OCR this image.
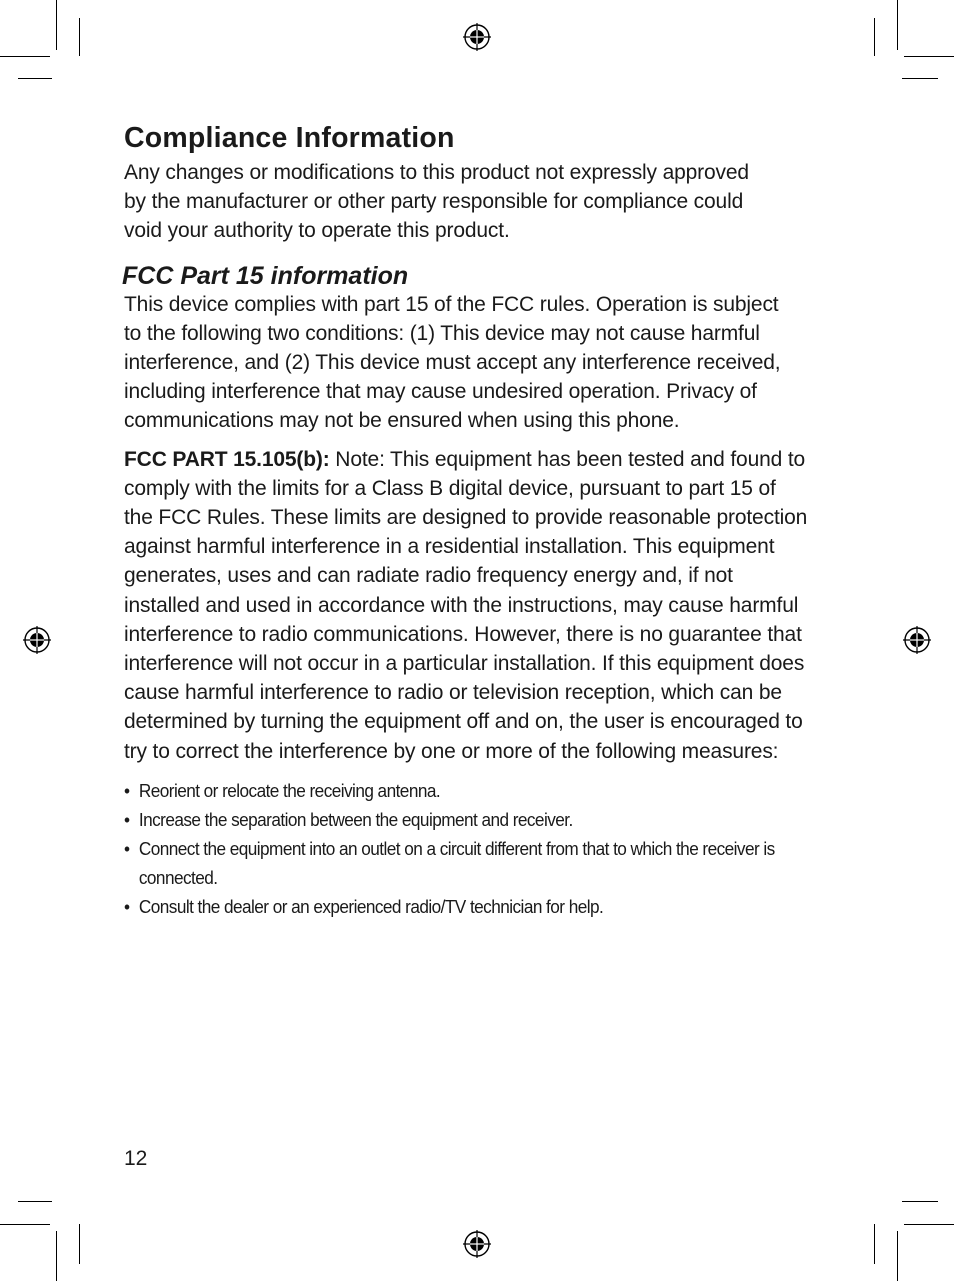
Compliance Information

Any changes or modifications to this product not expressly approved by the manufacturer or other party responsible for compliance could void your authority to operate this product.

FCC Part 15 information

This device complies with part 15 of the FCC rules. Operation is subject to the following two conditions: (1) This device may not cause harmful interference, and (2) This device must accept any interference received, including interference that may cause undesired operation. Privacy of communications may not be ensured when using this phone.

FCC PART 15.105(b): Note: This equipment has been tested and found to comply with the limits for a Class B digital device, pursuant to part 15 of the FCC Rules. These limits are designed to provide reasonable protection against harmful interference in a residential installation. This equipment generates, uses and can radiate radio frequency energy and, if not installed and used in accordance with the instructions, may cause harmful interference to radio communications. However, there is no guarantee that interference will not occur in a particular installation. If this equipment does cause harmful interference to radio or television reception, which can be determined by turning the equipment off and on, the user is encouraged to try to correct the interference by one or more of the following measures:

• Reorient or relocate the receiving antenna.
• Increase the separation between the equipment and receiver.
• Connect the equipment into an outlet on a circuit different from that to which the receiver is connected.
• Consult the dealer or an experienced radio/TV technician for help.
12
